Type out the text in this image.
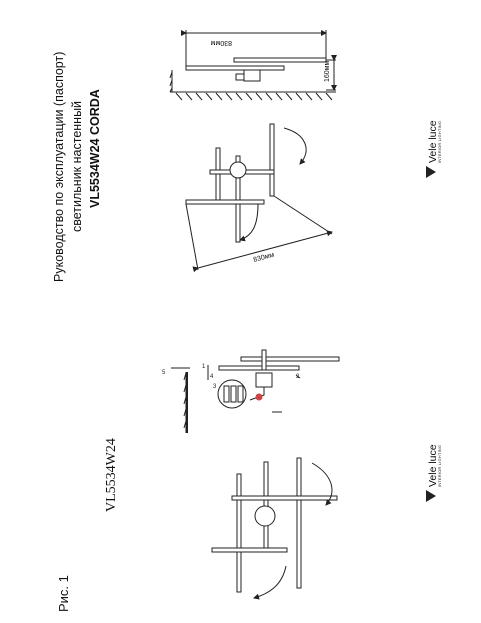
Рис. 1
VL5534W24
Руководство по эксплуатации (паспорт) светильник настенный VL5534W24 CORDA
5
1
4
3
2
830мм
160мм
830мм
Vele luce INTERIOR LIGHTING
Vele luce INTERIOR LIGHTING
